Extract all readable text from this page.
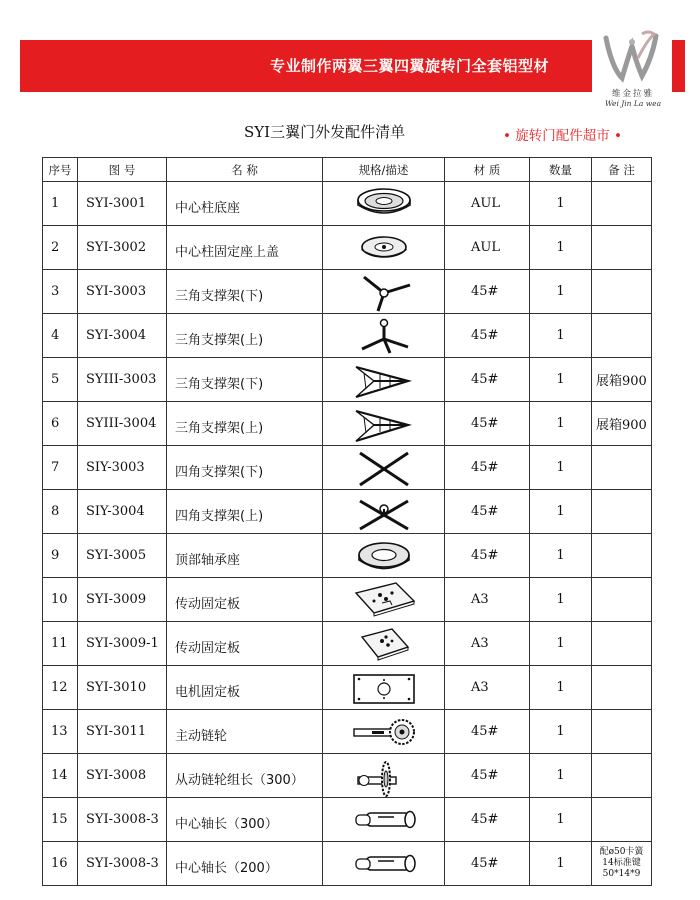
专业制作两翼三翼四翼旋转门全套铝型材
维金拉雅
Wei Jin La wea
SYI三翼门外发配件清单	• 旋转门配件超市 •
序号	图 号	名 称	规格/描述	材 质	数量	备 注
1	SYI-3001	中心柱底座		AUL	1	
2	SYI-3002	中心柱固定座上盖		AUL	1	
3	SYI-3003	三角支撑架(下)		45#	1	
4	SYI-3004	三角支撑架(上)		45#	1	
5	SYIII-3003	三角支撑架(下)		45#	1	展箱900
6	SYIII-3004	三角支撑架(上)		45#	1	展箱900
7	SIY-3003	四角支撑架(下)		45#	1	
8	SIY-3004	四角支撑架(上)		45#	1	
9	SYI-3005	顶部轴承座		45#	1	
10	SYI-3009	传动固定板		A3	1	
11	SYI-3009-1	传动固定板		A3	1	
12	SYI-3010	电机固定板		A3	1	
13	SYI-3011	主动链轮		45#	1	
14	SYI-3008	从动链轮组长（300）		45#	1	
15	SYI-3008-3	中心轴长（300）		45#	1	
16	SYI-3008-3	中心轴长（200）		45#	1	配ø50卡簧
14标准键
50*14*9
